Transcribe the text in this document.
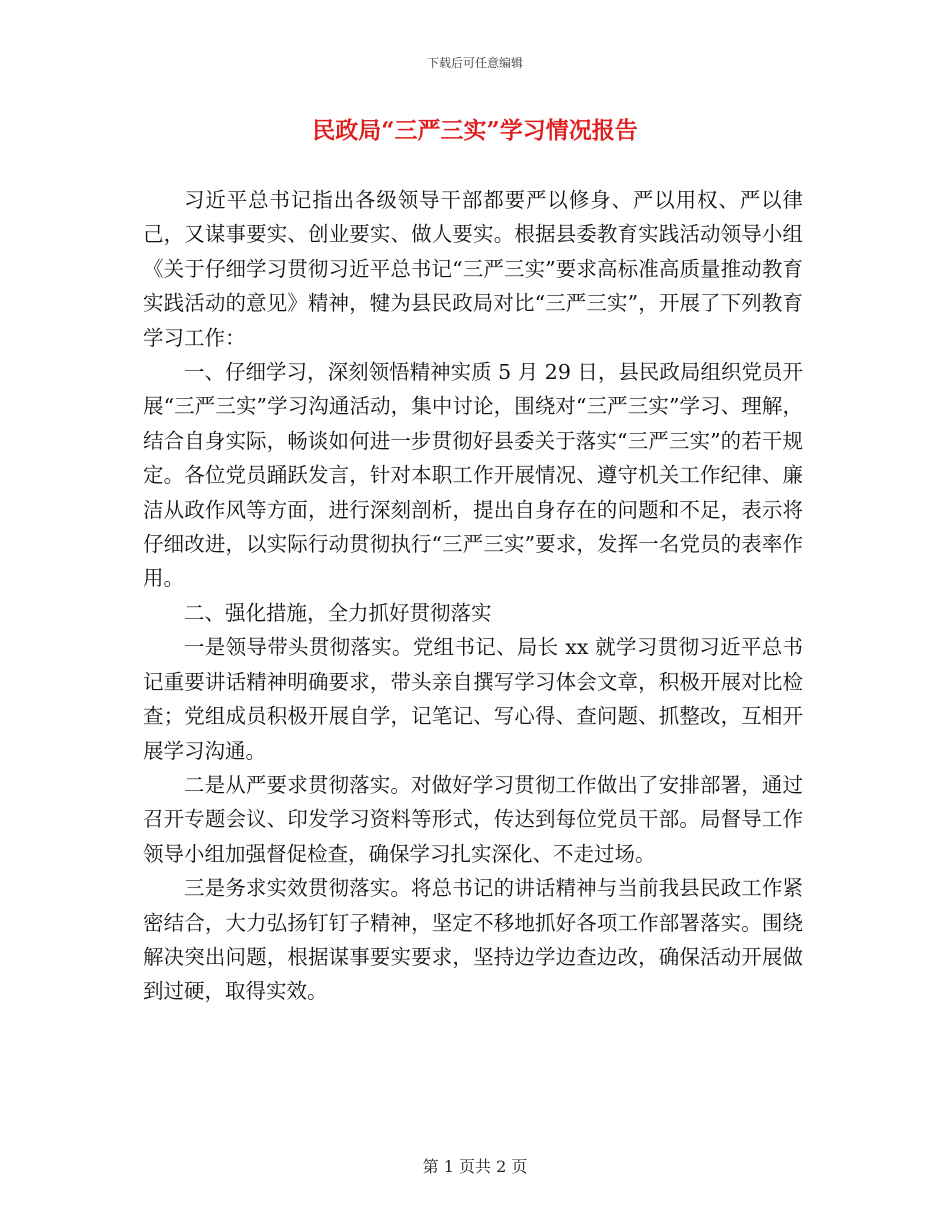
下载后可任意编辑
民政局“三严三实”学习情况报告

习近平总书记指出各级领导干部都要严以修身、严以用权、严以律己，又谋事要实、创业要实、做人要实。根据县委教育实践活动领导小组《关于仔细学习贯彻习近平总书记“三严三实”要求高标准高质量推动教育实践活动的意见》精神，犍为县民政局对比“三严三实”，开展了下列教育学习工作：

一、仔细学习，深刻领悟精神实质 5 月 29 日，县民政局组织党员开展“三严三实”学习沟通活动，集中讨论，围绕对“三严三实”学习、理解，结合自身实际，畅谈如何进一步贯彻好县委关于落实“三严三实”的若干规定。各位党员踊跃发言，针对本职工作开展情况、遵守机关工作纪律、廉洁从政作风等方面，进行深刻剖析，提出自身存在的问题和不足，表示将仔细改进，以实际行动贯彻执行“三严三实”要求，发挥一名党员的表率作用。

二、强化措施，全力抓好贯彻落实

一是领导带头贯彻落实。党组书记、局长 xx 就学习贯彻习近平总书记重要讲话精神明确要求，带头亲自撰写学习体会文章，积极开展对比检查；党组成员积极开展自学，记笔记、写心得、查问题、抓整改，互相开展学习沟通。

二是从严要求贯彻落实。对做好学习贯彻工作做出了安排部署，通过召开专题会议、印发学习资料等形式，传达到每位党员干部。局督导工作领导小组加强督促检查，确保学习扎实深化、不走过场。

三是务求实效贯彻落实。将总书记的讲话精神与当前我县民政工作紧密结合，大力弘扬钉钉子精神，坚定不移地抓好各项工作部署落实。围绕解决突出问题，根据谋事要实要求，坚持边学边查边改，确保活动开展做到过硬，取得实效。

第 1 页共 2 页
